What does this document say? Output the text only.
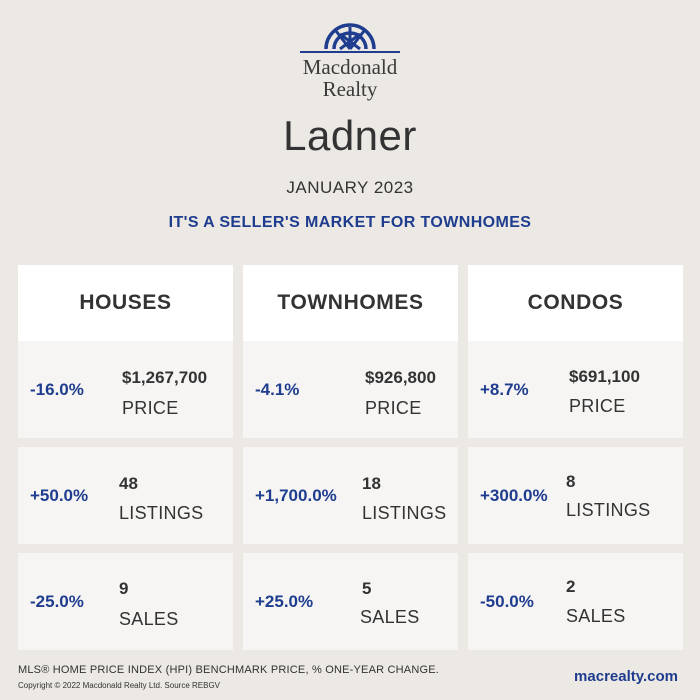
Macdonald
Realty
Ladner
JANUARY 2023
IT'S A SELLER'S MARKET FOR TOWNHOMES
HOUSES	TOWNHOMES	CONDOS
-16.0%
$1,267,700
PRICE
+50.0%
48
LISTINGS
-25.0%
9
SALES
-4.1%
$926,800
PRICE
+1,700.0%
18
LISTINGS
+25.0%
5
SALES
+8.7%
$691,100
PRICE
+300.0%
8
LISTINGS
-50.0%
2
SALES
MLS® HOME PRICE INDEX (HPI) BENCHMARK PRICE, % ONE-YEAR CHANGE.
Copyright © 2022 Macdonald Realty Ltd. Source REBGV
macrealty.com
